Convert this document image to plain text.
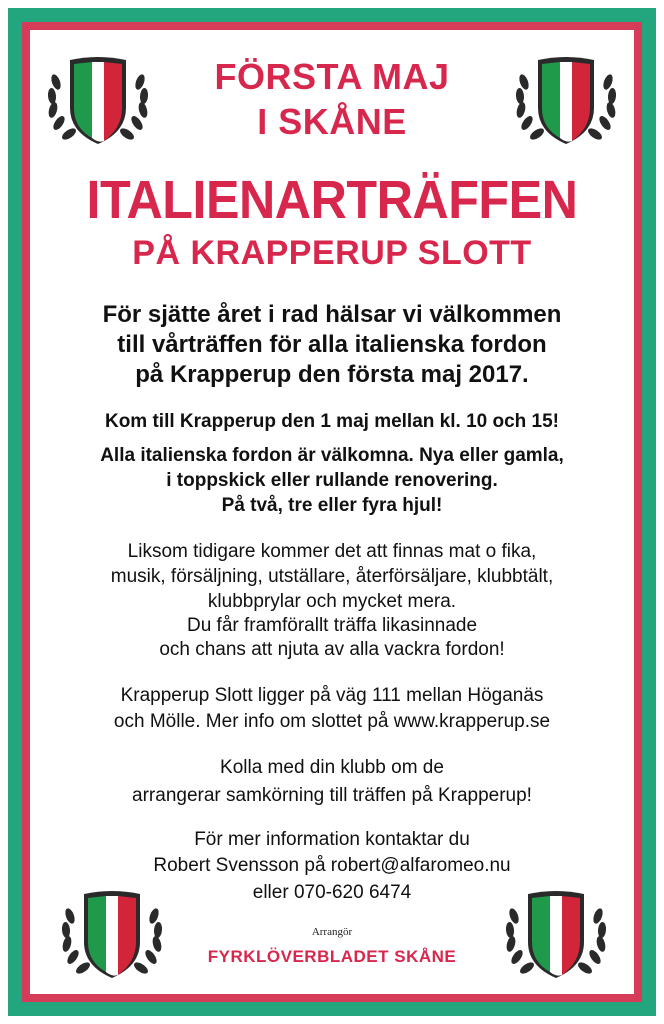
FÖRSTA MAJ
I SKÅNE
ITALIENARTRÄFFEN
PÅ KRAPPERUP SLOTT
För sjätte året i rad hälsar vi välkommen
till vårträffen för alla italienska fordon
på Krapperup den första maj 2017.
Kom till Krapperup den 1 maj mellan kl. 10 och 15!
Alla italienska fordon är välkomna. Nya eller gamla,
i toppskick eller rullande renovering.
På två, tre eller fyra hjul!
Liksom tidigare kommer det att finnas mat o fika,
musik, försäljning, utställare, återförsäljare, klubbtält,
klubbprylar och mycket mera.
Du får framförallt träffa likasinnade
och chans att njuta av alla vackra fordon!
Krapperup Slott ligger på väg 111 mellan Höganäs
och Mölle. Mer info om slottet på www.krapperup.se
Kolla med din klubb om de
arrangerar samkörning till träffen på Krapperup!
För mer information kontaktar du
Robert Svensson på robert@alfaromeo.nu
eller 070-620 6474
Arrangör
FYRKLÖVERBLADET SKÅNE
